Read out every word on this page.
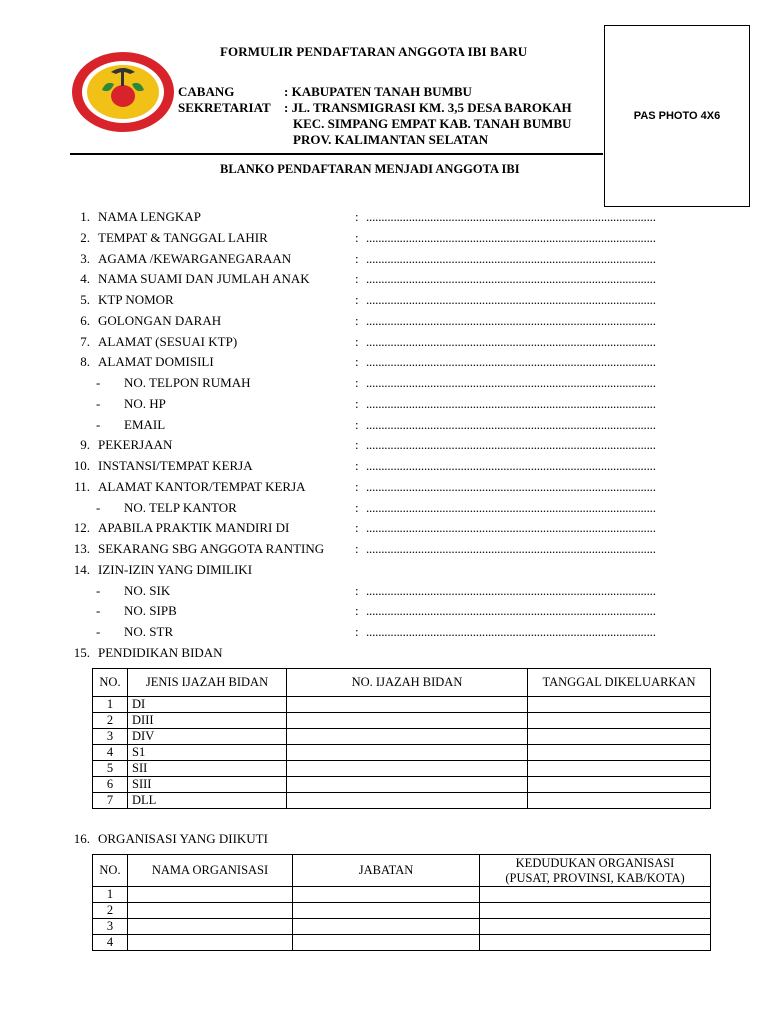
FORMULIR PENDAFTARAN ANGGOTA IBI BARU
CABANG	: KABUPATEN TANAH BUMBU
SEKRETARIAT : JL. TRANSMIGRASI KM. 3,5 DESA BAROKAH
KEC. SIMPANG EMPAT KAB. TANAH BUMBU
PROV. KALIMANTAN SELATAN
PAS PHOTO 4X6
BLANKO PENDAFTARAN MENJADI ANGGOTA IBI
1. NAMA LENGKAP	: ...............................................................................................
2. TEMPAT & TANGGAL LAHIR	: ...............................................................................................
3. AGAMA /KEWARGANEGARAAN	: ...............................................................................................
4. NAMA SUAMI DAN JUMLAH ANAK	: ...............................................................................................
5. KTP NOMOR	: ...............................................................................................
6. GOLONGAN DARAH	: ...............................................................................................
7. ALAMAT (SESUAI KTP)	: ...............................................................................................
8. ALAMAT DOMISILI	: ...............................................................................................
- NO. TELPON RUMAH	: ...............................................................................................
- NO. HP	: ...............................................................................................
- EMAIL	: ...............................................................................................
9. PEKERJAAN	: ...............................................................................................
10. INSTANSI/TEMPAT KERJA	: ...............................................................................................
11. ALAMAT KANTOR/TEMPAT KERJA	: ...............................................................................................
- NO. TELP KANTOR	: ...............................................................................................
12. APABILA PRAKTIK MANDIRI DI	: ...............................................................................................
13. SEKARANG SBG ANGGOTA RANTING : ...............................................................................................
14. IZIN-IZIN YANG DIMILIKI
- NO. SIK	: ...............................................................................................
- NO. SIPB	: ...............................................................................................
- NO. STR	: ...............................................................................................
15. PENDIDIKAN BIDAN
NO.	JENIS IJAZAH BIDAN	NO. IJAZAH BIDAN	TANGGAL DIKELUARKAN
1	DI		
2	DIII		
3	DIV		
4	S1		
5	SII		
6	SIII		
7	DLL		
16. ORGANISASI YANG DIIKUTI
NO.	NAMA ORGANISASI	JABATAN	KEDUDUKAN ORGANISASI
(PUSAT, PROVINSI, KAB/KOTA)
1			
2			
3			
4			
